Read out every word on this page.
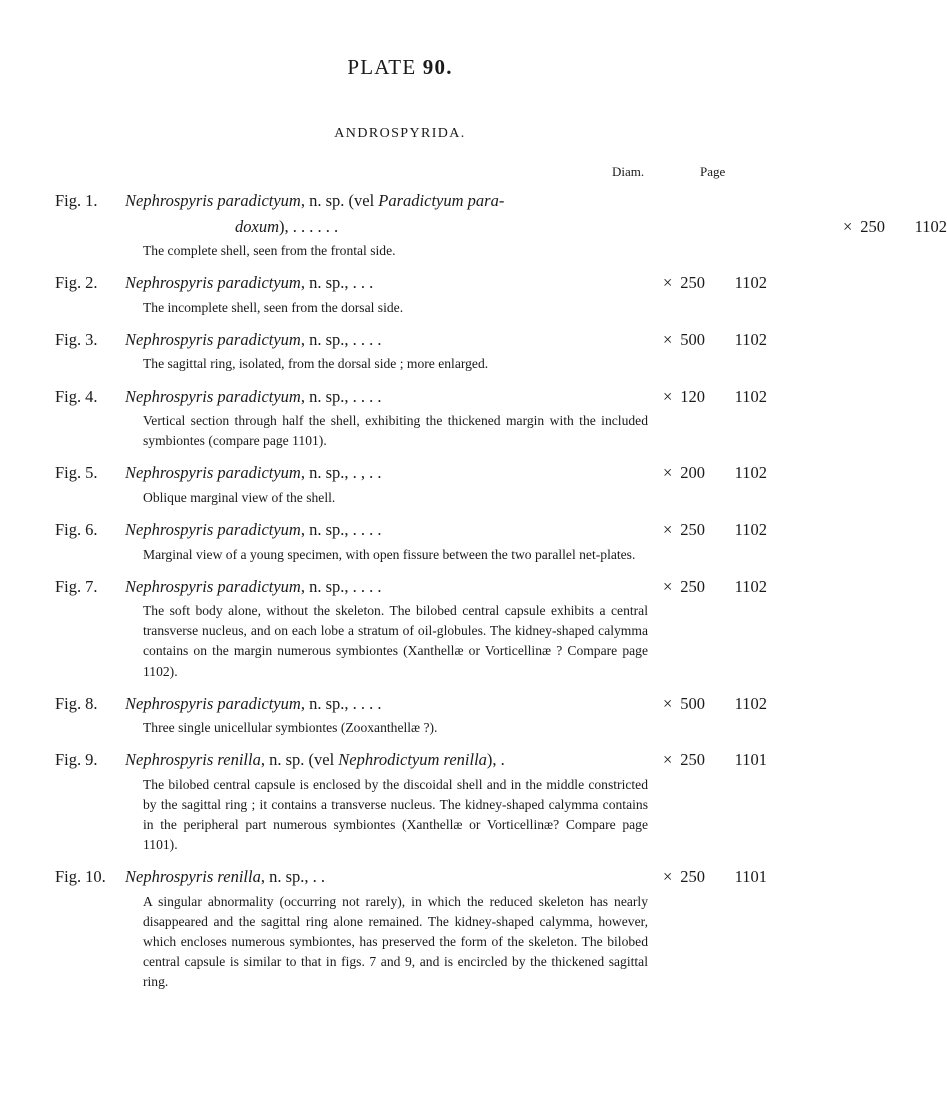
PLATE 90.
ANDROSPYRIDA.
Diam.	Page
Fig. 1.	Nephrospyris paradictyum, n. sp. (vel Paradictyum para-
doxum), . . . . . .	× 250	1102
The complete shell, seen from the frontal side.
Fig. 2.	Nephrospyris paradictyum, n. sp., . . .	× 250	1102
The incomplete shell, seen from the dorsal side.
Fig. 3.	Nephrospyris paradictyum, n. sp., . . . .	× 500	1102
The sagittal ring, isolated, from the dorsal side ; more enlarged.
Fig. 4.	Nephrospyris paradictyum, n. sp., . . . .	× 120	1102
Vertical section through half the shell, exhibiting the thickened margin with the included symbiontes (compare page 1101).
Fig. 5.	Nephrospyris paradictyum, n. sp., . , . .	× 200	1102
Oblique marginal view of the shell.
Fig. 6.	Nephrospyris paradictyum, n. sp., . . . .	× 250	1102
Marginal view of a young specimen, with open fissure between the two parallel net-plates.
Fig. 7.	Nephrospyris paradictyum, n. sp., . . . .	× 250	1102
The soft body alone, without the skeleton. The bilobed central capsule exhibits a central transverse nucleus, and on each lobe a stratum of oil-globules. The kidney-shaped calymma contains on the margin numerous symbiontes (Xanthellæ or Vorticellinæ ? Compare page 1102).
Fig. 8.	Nephrospyris paradictyum, n. sp., . . . .	× 500	1102
Three single unicellular symbiontes (Zooxanthellæ ?).
Fig. 9.	Nephrospyris renilla, n. sp. (vel Nephrodictyum renilla), .	× 250	1101
The bilobed central capsule is enclosed by the discoidal shell and in the middle constricted by the sagittal ring ; it contains a transverse nucleus. The kidney-shaped calymma contains in the peripheral part numerous symbiontes (Xanthellæ or Vorticellinæ? Compare page 1101).
Fig. 10.	Nephrospyris renilla, n. sp., . .	× 250	1101
A singular abnormality (occurring not rarely), in which the reduced skeleton has nearly disappeared and the sagittal ring alone remained. The kidney-shaped calymma, however, which encloses numerous symbiontes, has preserved the form of the skeleton. The bilobed central capsule is similar to that in figs. 7 and 9, and is encircled by the thickened sagittal ring.
